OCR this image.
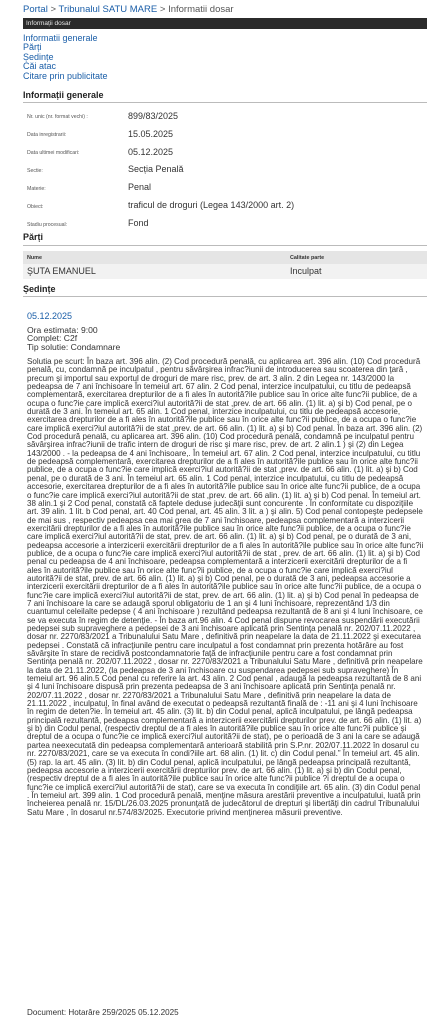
Portal > Tribunalul SATU MARE > Informatii dosar
Informații dosar
Informatii generale
Părți
Ședințe
Căi atac
Citare prin publicitate
Informații generale
Nr. unic (nr. format vechi) :	899/83/2025
Data inregistrarii:	15.05.2025
Data ultimei modificari:	05.12.2025
Sectie:	Secția Penală
Materie:	Penal
Obiect:	traficul de droguri (Legea 143/2000 art. 2)
Stadiu procesual:	Fond
Părți
Nume	Calitate parte
ŞUTA EMANUEL	Inculpat
Ședințe
05.12.2025
Ora estimata: 9:00
Complet: C2f
Tip solutie: Condamnare
Solutia pe scurt: În baza art. 396 alin. (2) Cod procedură penală, cu aplicarea art. 396 alin. (10) Cod procedură penală, cu, condamnă pe inculpatul , pentru săvârșirea infrac?iunii de introducerea sau scoaterea din ţară , precum şi importul sau exportul de droguri de mare risc, prev. de art. 3 alin. 2 din Legea nr. 143/2000 la pedeapsa de 7 ani închisoare În temeiul art. 67 alin. 2 Cod penal, interzice inculpatului, cu titlu de pedeapsă complementară, exercitarea drepturilor de a fi ales în autorită?ile publice sau în orice alte func?ii publice, de a ocupa o func?ie care implică exerci?iul autorită?ii de stat ,prev. de art. 66 alin. (1) lit. a) şi b) Cod penal, pe o durată de 3 ani. În temeiul art. 65 alin. 1 Cod penal, interzice inculpatului, cu titlu de pedeapsă accesorie, exercitarea drepturilor de a fi ales în autorită?ile publice sau în orice alte func?ii publice, de a ocupa o func?ie care implică exerci?iul autorită?ii de stat ,prev. de art. 66 alin. (1) lit. a) şi b) Cod penal. În baza art. 396 alin. (2) Cod procedură penală, cu aplicarea art. 396 alin. (10) Cod procedură penală, condamnă pe inculpatul pentru săvârşirea infrac?iunii de trafic intern de droguri de risc şi mare risc, prev. de art. 2 alin.1 ) şi (2) din Legea 143/2000 . - la pedeapsa de 4 ani închisoare,. În temeiul art. 67 alin. 2 Cod penal, interzice inculpatului, cu titlu de pedeapsă complementară, exercitarea drepturilor de a fi ales în autorită?ile publice sau în orice alte func?ii publice, de a ocupa o func?ie care implică exerci?iul autorită?ii de stat ,prev. de art. 66 alin. (1) lit. a) şi b) Cod penal, pe o durată de 3 ani. În temeiul art. 65 alin. 1 Cod penal, interzice inculpatului, cu titlu de pedeapsă accesorie, exercitarea drepturilor de a fi ales în autorită?ile publice sau în orice alte func?ii publice, de a ocupa o func?ie care implică exerci?iul autorită?ii de stat ,prev. de art. 66 alin. (1) lit. a) şi b) Cod penal. În temeiul art. 38 alin.1 şi 2 Cod penal, constată că faptele deduse judecăţii sunt concurente . În conformitate cu dispoziţiile art. 39 alin. 1 lit. b Cod penal, art. 40 Cod penal, art. 45 alin. 3 lit. a ) şi alin. 5) Cod penal contopeşte pedepsele de mai sus , respectiv pedeapsa cea mai grea de 7 ani închisoare, pedeapsa complementară a interzicerii exercitării drepturilor de a fi ales în autorită?ile publice sau în orice alte func?ii publice, de a ocupa o func?ie care implică exerci?iul autorită?ii de stat, prev. de art. 66 alin. (1) lit. a) şi b) Cod penal, pe o durată de 3 ani, pedeapsa accesorie a interzicerii exercitării drepturilor de a fi ales în autorită?ile publice sau în orice alte func?ii publice, de a ocupa o func?ie care implică exerci?iul autorită?ii de stat , prev. de art. 66 alin. (1) lit. a) şi b) Cod penal cu pedeapsa de 4 ani închisoare, pedeapsa complementară a interzicerii exercitării drepturilor de a fi ales în autorită?ile publice sau în orice alte func?ii publice, de a ocupa o func?ie care implică exerci?iul autorită?ii de stat, prev. de art. 66 alin. (1) lit. a) şi b) Cod penal, pe o durată de 3 ani, pedeapsa accesorie a interzicerii exercitării drepturilor de a fi ales în autorită?ile publice sau în orice alte func?ii publice, de a ocupa o func?ie care implică exerci?iul autorită?ii de stat, prev. de art. 66 alin. (1) lit. a) şi b) Cod penal în pedeapsa de 7 ani închisoare la care se adaugă sporul obligatoriu de 1 an şi 4 luni închisoare, reprezentând 1/3 din cuantumul celeilalte pedepse ( 4 ani închisoare ) rezultând pedeapsa rezultantă de 8 ani şi 4 luni închisoare, ce se va executa în regim de detenţie. - În baza art.96 alin. 4 Cod penal dispune revocarea suspendării executării pedepsei sub supraveghere a pedepsei de 3 ani închisoare aplicată prin Sentinţa penală nr. 202/07.11.2022 , dosar nr. 2270/83/2021 a Tribunalului Satu Mare , definitivă prin neapelare la data de 21.11.2022 şi executarea pedepsei . Constată că infracţiunile pentru care inculpatul a fost condamnat prin prezenta hotărâre au fost săvârşite în stare de recidivă postcondamnatorie faţă de infracţiunile pentru care a fost condamnat prin Sentinţa penală nr. 202/07.11.2022 , dosar nr. 2270/83/2021 a Tribunalului Satu Mare , definitivă prin neapelare la data de 21.11.2022, (la pedeapsa de 3 ani închisoare cu suspendarea pedepsei sub supraveghere) În temeiul art. 96 alin.5 Cod penal cu referire la art. 43 alin. 2 Cod penal , adaugă la pedeapsa rezultantă de 8 ani şi 4 luni închisoare dispusă prin prezenta pedeapsa de 3 ani închisoare aplicată prin Sentinţa penală nr. 202/07.11.2022 , dosar nr. 2270/83/2021 a Tribunalului Satu Mare , definitivă prin neapelare la data de 21.11.2022 , inculpatul, în final având de executat o pedeapsă rezultantă finală de : -11 ani şi 4 luni închisoare în regim de deten?ie. În temeiul art. 45 alin. (3) lit. b) din Codul penal, aplică inculpatului, pe lângă pedeapsa principală rezultantă, pedeapsa complementară a interzicerii exercitării drepturilor prev. de art. 66 alin. (1) lit. a) şi b) din Codul penal, (respectiv dreptul de a fi ales în autorită?ile publice sau în orice alte func?ii publice şi dreptul de a ocupa o func?ie ce implică exerci?iul autorită?ii de stat), pe o perioadă de 3 ani la care se adaugă partea neexecutată din pedeapsa complementară anterioară stabilită prin S.P.nr. 202/07.11.2022 în dosarul cu nr. 2270/83/2021, care se va executa în condi?iile art. 68 alin. (1) lit. c) din Codul penal.” În temeiul art. 45 alin. (5) rap. la art. 45 alin. (3) lit. b) din Codul penal, aplică inculpatului, pe lângă pedeapsa principală rezultantă, pedeapsa accesorie a interzicerii exercitării drepturilor prev. de art. 66 alin. (1) lit. a) şi b) din Codul penal, (respectiv dreptul de a fi ales în autorită?ile publice sau în orice alte func?ii publice ?i dreptul de a ocupa o func?ie ce implică exerci?iul autorită?ii de stat), care se va executa în condiţiile art. 65 alin. (3) din Codul penal . În temeiul art. 399 alin. 1 Cod procedură penală, menţine măsura arestării preventive a inculpatului, luată prin încheierea penală nr. 15/DL/26.03.2025 pronunţată de judecătorul de drepturi şi libertăţi din cadrul Tribunalului Satu Mare , în dosarul nr.574/83/2025. Executorie privind menţinerea măsurii preventive.
Document: Hotarâre 259/2025 05.12.2025
